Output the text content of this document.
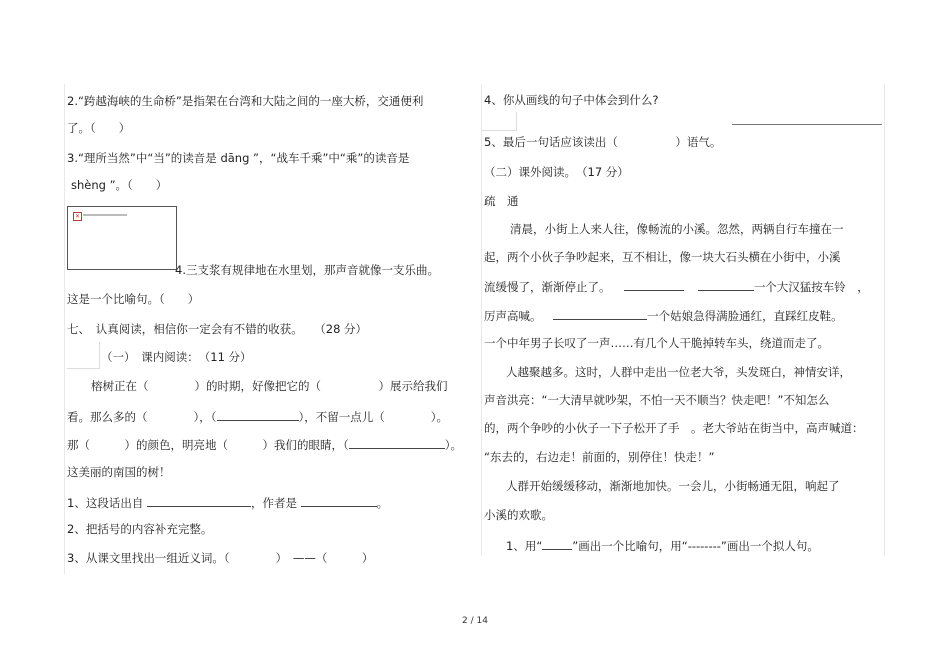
2.“跨越海峡的生命桥”是指架在台湾和大陆之间的一座大桥，交通便利
了。（　　）
3.“理所当然”中“当”的读音是 dāng ”，“战车千乘”中“乘”的读音是
shèng ”。（　　）
✕
4.三支浆有规律地在水里划，那声音就像一支乐曲。
这是一个比喻句。（　　）
七、　认真阅读，相信你一定会有不错的收获。　　（28 分）
（一）　课内阅读：　（11 分）
榕树正在（　　　　）的时期，好像把它的（　　　　　）展示给我们
看。那么多的（　　　　），（	），不留一点儿（　　　　）。
那（　　　）的颜色，明亮地（　　　）我们的眼睛，（	）。
这美丽的南国的树！
1、这段话出自	，作者是	。
2、把括号的内容补充完整。
3、从课文里找出一组近义词。（　　　　）　——（　　　）
4、你从画线的句子中体会到什么?
5、最后一句话应该读出（　　　　　）语气。
（二）课外阅读。　（17 分）
疏　通
清晨，小街上人来人往，像畅流的小溪。忽然，两辆自行车撞在一
起，两个小伙子争吵起来，互不相让，像一块大石头横在小街中，小溪
流缓慢了，渐渐停止了。	一个大汉猛按车铃　，
厉声高喊。	一个姑娘急得满脸通红，直踩红皮鞋。
一个中年男子长叹了一声……有几个人干脆掉转车头，绕道而走了。
人越聚越多。这时，人群中走出一位老大爷，头发斑白，神情安详，
声音洪亮：“一大清早就吵架，不怕一天不顺当？快走吧！”不知怎么
的，两个争吵的小伙子一下子松开了手　。老大爷站在街当中，高声喊道：
“东去的，右边走！前面的，别停住！快走！”
人群开始缓缓移动，渐渐地加快。一会儿，小街畅通无阻，响起了
小溪的欢歌。
1、用“	”画出一个比喻句，用“--------”画出一个拟人句。
2 / 14
